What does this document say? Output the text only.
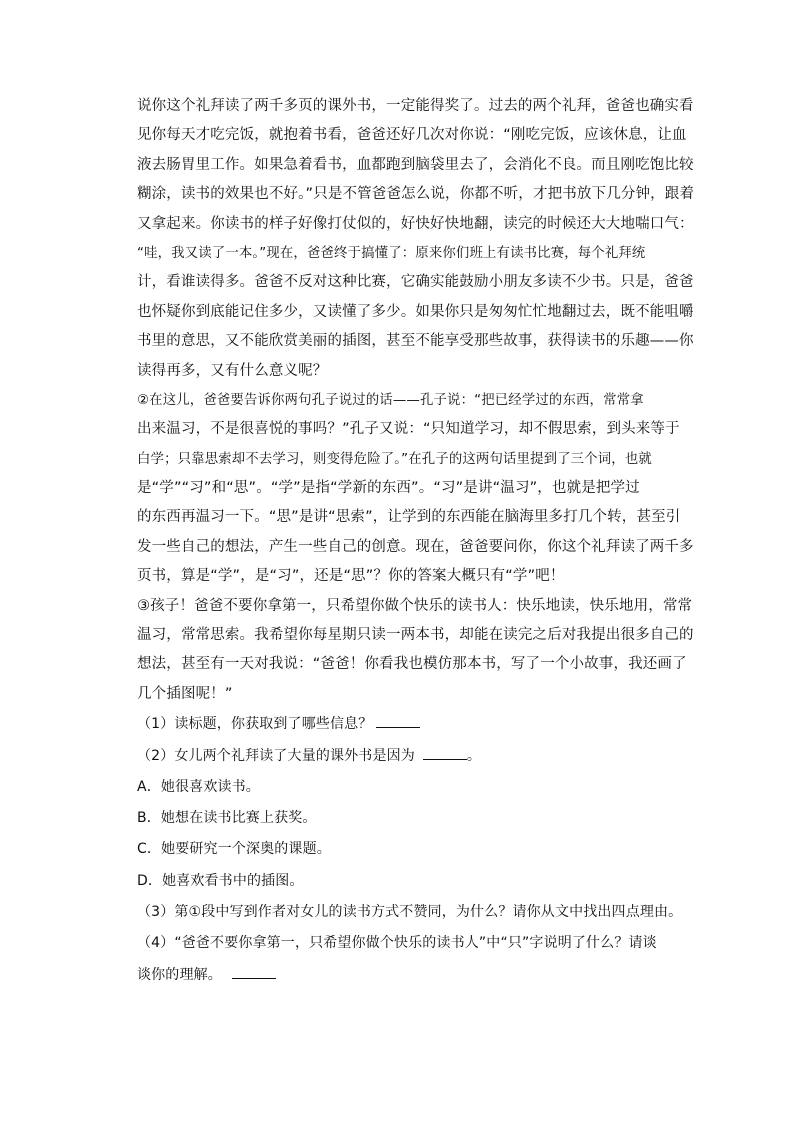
说你这个礼拜读了两千多页的课外书，一定能得奖了。过去的两个礼拜，爸爸也确实看
见你每天才吃完饭，就抱着书看，爸爸还好几次对你说：“刚吃完饭，应该休息，让血
液去肠胃里工作。如果急着看书，血都跑到脑袋里去了，会消化不良。而且刚吃饱比较
糊涂，读书的效果也不好。”只是不管爸爸怎么说，你都不听，才把书放下几分钟，跟着
又拿起来。你读书的样子好像打仗似的，好快好快地翻，读完的时候还大大地喘口气：
“哇，我又读了一本。”现在，爸爸终于搞懂了：原来你们班上有读书比赛，每个礼拜统
计，看谁读得多。爸爸不反对这种比赛，它确实能鼓励小朋友多读不少书。只是，爸爸
也怀疑你到底能记住多少，又读懂了多少。如果你只是匆匆忙忙地翻过去，既不能咀嚼
书里的意思，又不能欣赏美丽的插图，甚至不能享受那些故事，获得读书的乐趣——你
读得再多，又有什么意义呢？
②在这儿，爸爸要告诉你两句孔子说过的话——孔子说：“把已经学过的东西，常常拿
出来温习，不是很喜悦的事吗？”孔子又说：“只知道学习，却不假思索，到头来等于
白学；只靠思索却不去学习，则变得危险了。”在孔子的这两句话里提到了三个词，也就
是“学”“习”和“思”。“学”是指“学新的东西”。“习”是讲“温习”，也就是把学过
的东西再温习一下。“思”是讲“思索”，让学到的东西能在脑海里多打几个转，甚至引
发一些自己的想法，产生一些自己的创意。现在，爸爸要问你，你这个礼拜读了两千多
页书，算是“学”，是“习”，还是“思”？你的答案大概只有“学”吧！
③孩子！爸爸不要你拿第一，只希望你做个快乐的读书人：快乐地读，快乐地用，常常
温习，常常思索。我希望你每星期只读一两本书，却能在读完之后对我提出很多自己的
想法，甚至有一天对我说：“爸爸！你看我也模仿那本书，写了一个小故事，我还画了
几个插图呢！”
（1）读标题，你获取到了哪些信息？
（2）女儿两个礼拜读了大量的课外书是因为	。
A．她很喜欢读书。
B．她想在读书比赛上获奖。
C．她要研究一个深奥的课题。
D．她喜欢看书中的插图。
（3）第①段中写到作者对女儿的读书方式不赞同，为什么？请你从文中找出四点理由。
（4）“爸爸不要你拿第一，只希望你做个快乐的读书人”中“只”字说明了什么？请谈
谈你的理解。
